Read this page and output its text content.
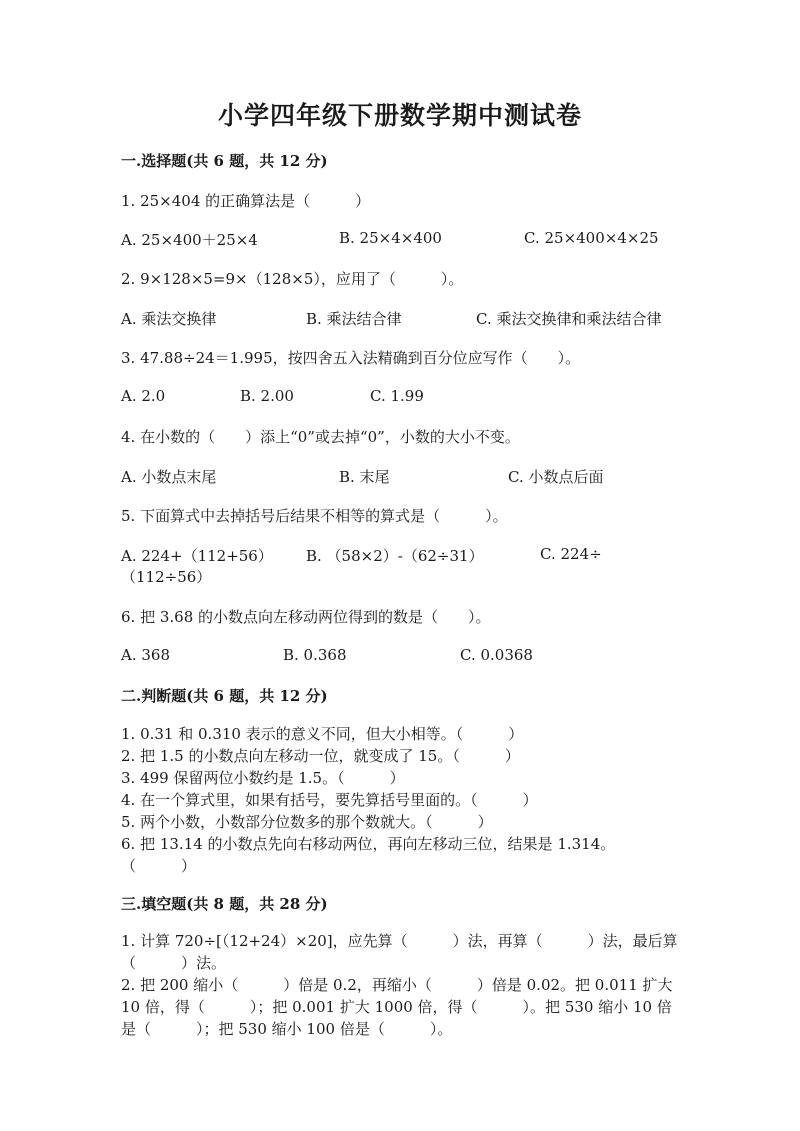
小学四年级下册数学期中测试卷
一.选择题(共 6 题，共 12 分)
1. 25×404 的正确算法是（　　　）
A. 25×400＋25×4	B. 25×4×400	C. 25×400×4×25
2. 9×128×5=9×（128×5），应用了（　　　）。
A. 乘法交换律	B. 乘法结合律	C. 乘法交换律和乘法结合律
3. 47.88÷24＝1.995，按四舍五入法精确到百分位应写作（　　）。
A. 2.0	B. 2.00	C. 1.99
4. 在小数的（　　）添上“0”或去掉“0”，小数的大小不变。
A. 小数点末尾	B. 末尾	C. 小数点后面
5. 下面算式中去掉括号后结果不相等的算式是（　　　）。
A. 224+（112+56） B. （58×2）-（62÷31）	C. 224÷
（112÷56）
6. 把 3.68 的小数点向左移动两位得到的数是（　　）。
A. 368	B. 0.368	C. 0.0368
二.判断题(共 6 题，共 12 分)
1. 0.31 和 0.310 表示的意义不同，但大小相等。（　　　）
2. 把 1.5 的小数点向左移动一位，就变成了 15。（　　　）
3. 499 保留两位小数约是 1.5。（　　　）
4. 在一个算式里，如果有括号，要先算括号里面的。（　　　）
5. 两个小数，小数部分位数多的那个数就大。（　　　）
6. 把 13.14 的小数点先向右移动两位，再向左移动三位，结果是 1.314。
（　　　）
三.填空题(共 8 题，共 28 分)
1. 计算 720÷[（12+24）×20]，应先算（　　　）法，再算（　　　）法，最后算（　　　）法。
2. 把 200 缩小（　　　）倍是 0.2，再缩小（　　　）倍是 0.02。把 0.011 扩大 10 倍，得（　　　）；把 0.001 扩大 1000 倍，得（　　　）。把 530 缩小 10 倍是（　　　）；把 530 缩小 100 倍是（　　　）。
